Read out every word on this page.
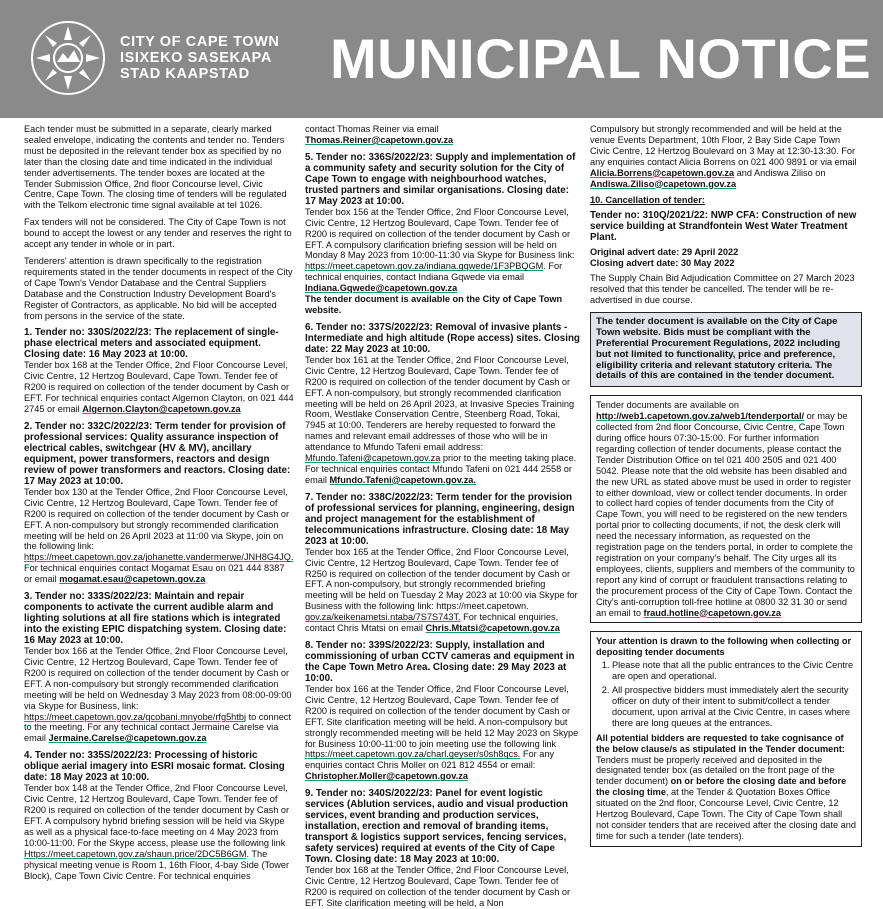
CITY OF CAPE TOWN
ISIXEKO SASEKAPA
STAD KAAPSTAD	MUNICIPAL NOTICE

Each tender must be submitted in a separate, clearly marked sealed envelope, indicating the contents and tender no. Tenders must be deposited in the relevant tender box as specified by no later than the closing date and time indicated in the individual tender advertisements. The tender boxes are located at the Tender Submission Office, 2nd floor Concourse level, Civic Centre, Cape Town. The closing time of tenders will be regulated with the Telkom electronic time signal available at tel 1026.

Fax tenders will not be considered. The City of Cape Town is not bound to accept the lowest or any tender and reserves the right to accept any tender in whole or in part.

Tenderers' attention is drawn specifically to the registration requirements stated in the tender documents in respect of the City of Cape Town's Vendor Database and the Central Suppliers Database and the Construction Industry Development Board's Register of Contractors, as applicable. No bid will be accepted from persons in the service of the state.

1. Tender no: 330S/2022/23: The replacement of single-phase electrical meters and associated equipment. Closing date: 16 May 2023 at 10:00.
Tender box 168 at the Tender Office, 2nd Floor Concourse Level, Civic Centre, 12 Hertzog Boulevard, Cape Town. Tender fee of R200 is required on collection of the tender document by Cash or EFT. For technical enquiries contact Algernon Clayton, on 021 444 2745 or email Algernon.Clayton@capetown.gov.za
2. Tender no: 332C/2022/23: Term tender for provision of professional services: Quality assurance inspection of electrical cables, switchgear (HV & MV), ancillary equipment, power transformers, reactors and design review of power transformers and reactors. Closing date: 17 May 2023 at 10:00.
Tender box 130 at the Tender Office, 2nd Floor Concourse Level, Civic Centre, 12 Hertzog Boulevard, Cape Town. Tender fee of R200 is required on collection of the tender document by Cash or EFT. A non-compulsory but strongly recommended clarification meeting will be held on 26 April 2023 at 11:00 via Skype, join on the following link: https://meet.capetown.gov.za/johanette.vandermerwe/JNH8G4JQ. For technical enquiries contact Mogamat Esau on 021 444 8387 or email mogamat.esau@capetown.gov.za
3. Tender no: 333S/2022/23: Maintain and repair components to activate the current audible alarm and lighting solutions at all fire stations which is integrated into the existing EPIC dispatching system. Closing date: 16 May 2023 at 10:00.
Tender box 166 at the Tender Office, 2nd Floor Concourse Level, Civic Centre, 12 Hertzog Boulevard, Cape Town. Tender fee of R200 is required on collection of the tender document by Cash or EFT. A non-compulsory but strongly recommended clarification meeting will be held on Wednesday 3 May 2023 from 08:00-09:00 via Skype for Business, link: https://meet.capetown.gov.za/qcobani.mnyobe/rfg5htbj to connect to the meeting. For any technical contact Jermaine Carelse via email Jermaine.Carelse@capetown.gov.za
4. Tender no: 335S/2022/23: Processing of historic oblique aerial imagery into ESRI mosaic format. Closing date: 18 May 2023 at 10:00.
Tender box 148 at the Tender Office, 2nd Floor Concourse Level, Civic Centre, 12 Hertzog Boulevard, Cape Town. Tender fee of R200 is required on collection of the tender document by Cash or EFT. A compulsory hybrid briefing session will be held via Skype as well as a physical face-to-face meeting on 4 May 2023 from 10:00-11:00. For the Skype access, please use the following link Https://meet.capetown.gov.za/shaun.price/2DC5B6GM. The physical meeting venue is Room 1, 16th Floor, 4-bay Side (Tower Block), Cape Town Civic Centre. For technical enquiries

contact Thomas Reiner via email Thomas.Reiner@capetown.gov.za

5. Tender no: 336S/2022/23: Supply and implementation of a community safety and security solution for the City of Cape Town to engage with neighbourhood watches, trusted partners and similar organisations. Closing date: 17 May 2023 at 10:00.
Tender box 156 at the Tender Office, 2nd Floor Concourse Level, Civic Centre, 12 Hertzog Boulevard, Cape Town. Tender fee of R200 is required on collection of the tender document by Cash or EFT. A compulsory clarification briefing session will be held on Monday 8 May 2023 from 10:00-11:30 via Skype for Business link: https://meet.capetown.gov.za/indiana.gqwede/1F3PBQGM. For technical enquiries, contact Indiana Gqwede via email Indiana.Gqwede@capetown.gov.za
The tender document is available on the City of Cape Town website.
6. Tender no: 337S/2022/23: Removal of invasive plants - Intermediate and high altitude (Rope access) sites. Closing date: 22 May 2023 at 10:00.
Tender box 161 at the Tender Office, 2nd Floor Concourse Level, Civic Centre, 12 Hertzog Boulevard, Cape Town. Tender fee of R200 is required on collection of the tender document by Cash or EFT. A non-compulsory, but strongly recommended clarification meeting will be held on 26 April 2023, at Invasive Species Training Room, Westlake Conservation Centre, Steenberg Road, Tokai, 7945 at 10:00. Tenderers are hereby requested to forward the names and relevant email addresses of those who will be in attendance to Mfundo Tafeni email address: Mfundo.Tafeni@capetown.gov.za prior to the meeting taking place. For technical enquiries contact Mfundo Tafeni on 021 444 2558 or email Mfundo.Tafeni@capetown.gov.za.
7. Tender no: 338C/2022/23: Term tender for the provision of professional services for planning, engineering, design and project management for the establishment of telecommunications infrastructure. Closing date: 18 May 2023 at 10:00.
Tender box 165 at the Tender Office, 2nd Floor Concourse Level, Civic Centre, 12 Hertzog Boulevard, Cape Town. Tender fee of R250 is required on collection of the tender document by Cash or EFT. A non-compulsory, but strongly recommended briefing meeting will be held on Tuesday 2 May 2023 at 10:00 via Skype for Business with the following link: https://meet.capetown. gov.za/keikenametsi.ntaba/7S7S743T. For technical enquiries, contact Chris Mtatsi on email Chris.Mtatsi@capetown.gov.za
8. Tender no: 339S/2022/23: Supply, installation and commissioning of urban CCTV cameras and equipment in the Cape Town Metro Area. Closing date: 29 May 2023 at 10:00.
Tender box 166 at the Tender Office, 2nd Floor Concourse Level, Civic Centre, 12 Hertzog Boulevard, Cape Town. Tender fee of R200 is required on collection of the tender document by Cash or EFT. Site clarification meeting will be held. A non-compulsory but strongly recommended meeting will be held 12 May 2023 on Skype for Business 10:00-11:00 to join meeting use the following link https://meet.capetown.gov.za/charl.geyser/s0sh8qcs. For any enquiries contact Chris Moller on 021 812 4554 or email: Christopher.Moller@capetown.gov.za
9. Tender no: 340S/2022/23: Panel for event logistic services (Ablution services, audio and visual production services, event branding and production services, installation, erection and removal of branding items, transport & logistics support services, fencing services, safety services) required at events of the City of Cape Town. Closing date: 18 May 2023 at 10:00.
Tender box 168 at the Tender Office, 2nd Floor Concourse Level, Civic Centre, 12 Hertzog Boulevard, Cape Town. Tender fee of R200 is required on collection of the tender document by Cash or EFT. Site clarification meeting will be held, a Non

Compulsory but strongly recommended and will be held at the venue Events Department, 10th Floor, 2 Bay Side Cape Town Civic Centre, 12 Hertzog Boulevard on 3 May at 12:30-13:30. For any enquiries contact Alicia Borrens on 021 400 9891 or via email Alicia.Borrens@capetown.gov.za and Andiswa Ziliso on Andiswa.Ziliso@capetown.gov.za

10. Cancellation of tender:
Tender no: 310Q/2021/22: NWP CFA: Construction of new service building at Strandfontein West Water Treatment Plant.
Original advert date: 29 April 2022
Closing advert date: 30 May 2022
The Supply Chain Bid Adjudication Committee on 27 March 2023 resolved that this tender be cancelled. The tender will be re-advertised in due course.
The tender document is available on the City of Cape Town website. Bids must be compliant with the Preferential Procurement Regulations, 2022 including but not limited to functionality, price and preference, eligibility criteria and relevant statutory criteria. The details of this are contained in the tender document.
Tender documents are available on http://web1.capetown.gov.za/web1/tenderportal/ or may be collected from 2nd floor Concourse, Civic Centre, Cape Town during office hours 07:30-15:00. For further information regarding collection of tender documents, please contact the Tender Distribution Office on tel 021 400 2505 and 021 400 5042. Please note that the old website has been disabled and the new URL as stated above must be used in order to register to either download, view or collect tender documents. In order to collect hard copies of tender documents from the City of Cape Town, you will need to be registered on the new tenders portal prior to collecting documents, if not, the desk clerk will need the necessary information, as requested on the registration page on the tenders portal, in order to complete the registration on your company's behalf. The City urges all its employees, clients, suppliers and members of the community to report any kind of corrupt or fraudulent transactions relating to the procurement process of the City of Cape Town. Contact the City's anti-corruption toll-free hotline at 0800 32 31 30 or send an email to fraud.hotline@capetown.gov.za
Your attention is drawn to the following when collecting or depositing tender documents
1. Please note that all the public entrances to the Civic Centre are open and operational.
2. All prospective bidders must immediately alert the security officer on duty of their intent to submit/collect a tender document, upon arrival at the Civic Centre, in cases where there are long queues at the entrances.
All potential bidders are requested to take cognisance of the below clause/s as stipulated in the Tender document:
Tenders must be properly received and deposited in the designated tender box (as detailed on the front page of the tender document) on or before the closing date and before the closing time, at the Tender & Quotation Boxes Office situated on the 2nd floor, Concourse Level, Civic Centre, 12 Hertzog Boulevard, Cape Town. The City of Cape Town shall not consider tenders that are received after the closing date and time for such a tender (late tenders).
